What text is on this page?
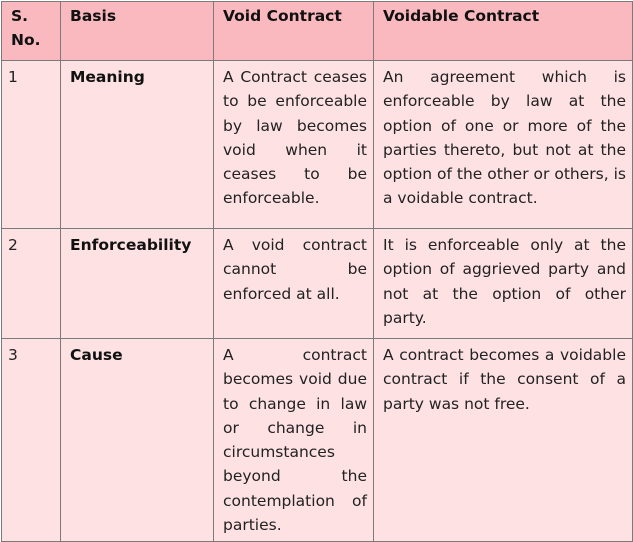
S. No.	Basis	Void Contract	Voidable Contract
1	Meaning	A Contract ceases to be enforceable by law becomes void when it ceases to be enforceable.	An agreement which is enforceable by law at the option of one or more of the parties thereto, but not at the option of the other or others, is a voidable contract.
2	Enforceability	A void contract cannot be enforced at all.	It is enforceable only at the option of aggrieved party and not at the option of other party.
3	Cause	A contract becomes void due to change in law or change in circumstances beyond the contemplation of parties.	A contract becomes a voidable contract if the consent of a party was not free.
